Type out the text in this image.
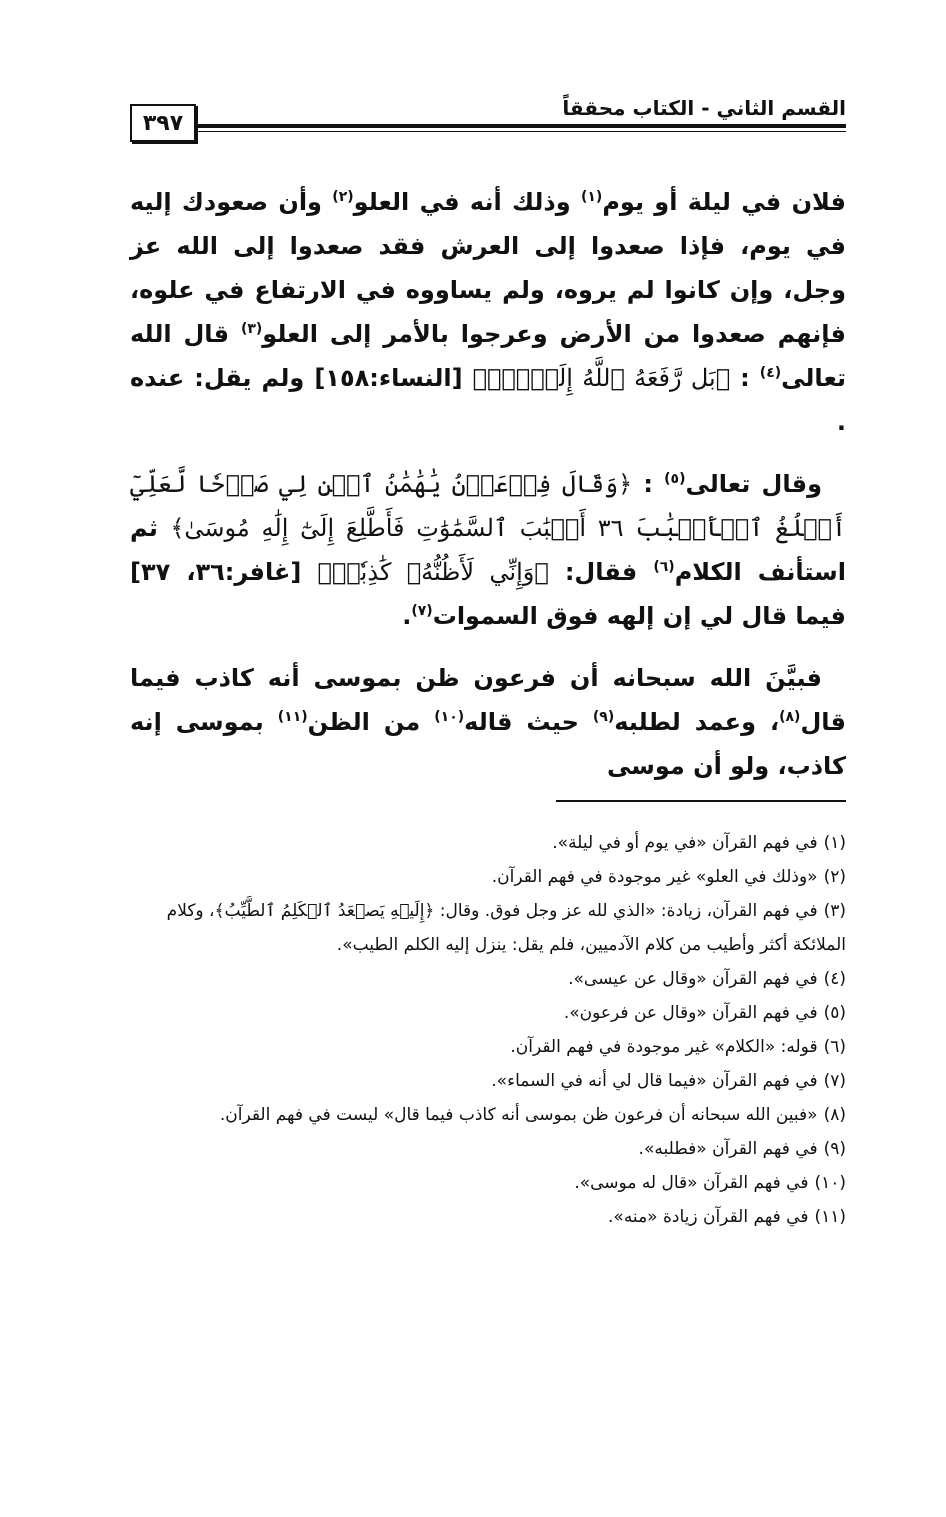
القسم الثاني - الكتاب محققاً
٣٩٧

فلان في ليلة أو يوم$^{(١)}$ وذلك أنه في العلو$^{(٢)}$ وأن صعودك إليه في يوم، فإذا صعدوا إلى العرش فقد صعدوا إلى الله عز وجل، وإن كانوا لم يروه، ولم يساووه في الارتفاع في علوه، فإنهم صعدوا من الأرض وعرجوا بالأمر إلى العلو$^{(٣)}$ قال الله تعالى$^{(٤)}$ : ﴿بَل رَّفَعَهُ ٱللَّهُ إِلَيۡهِۚ﴾ [النساء:١٥٨] ولم يقل: عنده .

وقال تعالى$^{(٥)}$ : ﴿وَقَالَ فِرۡعَوۡنُ يَٰهَٰمَٰنُ ٱبۡنِ لِي صَرۡحٗا لَّعَلِّيٓ أَبۡلُغُ ٱلۡأَسۡبَٰبَ ٣٦ أَسۡبَٰبَ ٱلسَّمَٰوَٰتِ فَأَطَّلِعَ إِلَىٰٓ إِلَٰهِ مُوسَىٰ﴾ ثم استأنف الكلام$^{(٦)}$ فقال: ﴿وَإِنِّي لَأَظُنُّهُۥ كَٰذِبٗاۚ﴾ [غافر:٣٦، ٣٧] فيما قال لي إن إلهه فوق السموات$^{(٧)}$.

فبيَّنَ الله سبحانه أن فرعون ظن بموسى أنه كاذب فيما قال$^{(٨)}$، وعمد لطلبه$^{(٩)}$ حيث قاله$^{(١٠)}$ من الظن$^{(١١)}$ بموسى إنه كاذب، ولو أن موسى

(١)في فهم القرآن «في يوم أو في ليلة».

(٢)«وذلك في العلو» غير موجودة في فهم القرآن.

(٣)في فهم القرآن، زيادة: «الذي لله عز وجل فوق. وقال: ﴿إِلَيۡهِ يَصۡعَدُ ٱلۡكَلِمُ ٱلطَّيِّبُ﴾، وكلام الملائكة أكثر وأطيب من كلام الآدميين، فلم يقل: ينزل إليه الكلم الطيب».

(٤)في فهم القرآن «وقال عن عيسى».

(٥)في فهم القرآن «وقال عن فرعون».

(٦)قوله: «الكلام» غير موجودة في فهم القرآن.

(٧)في فهم القرآن «فيما قال لي أنه في السماء».

(٨)«فبين الله سبحانه أن فرعون ظن بموسى أنه كاذب فيما قال» ليست في فهم القرآن.

(٩)في فهم القرآن «فطلبه».

(١٠)في فهم القرآن «قال له موسى».

(١١)في فهم القرآن زيادة «منه».
